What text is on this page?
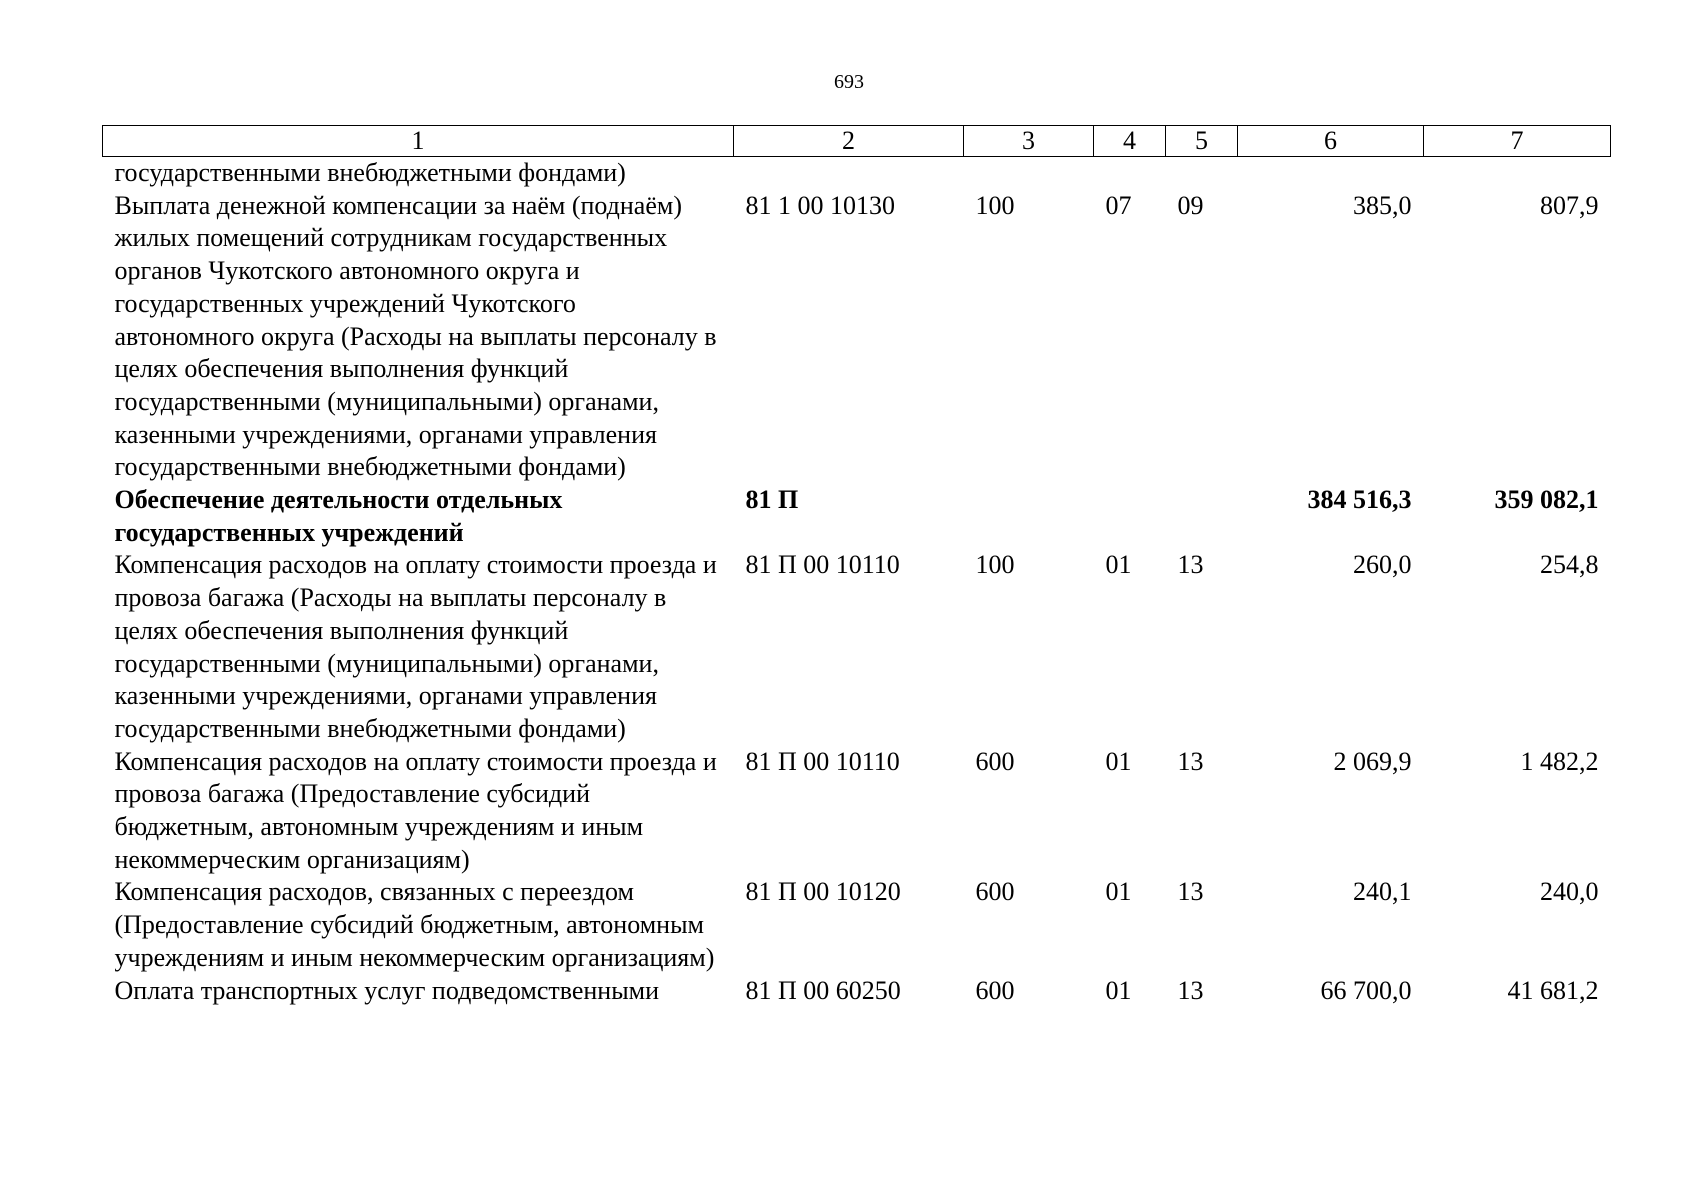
693
1	2	3	4	5	6	7
государственными внебюджетными фондами)						
Выплата денежной компенсации за наём (поднаём) жилых помещений сотрудникам государственных органов Чукотского автономного округа и государственных учреждений Чукотского автономного округа (Расходы на выплаты персоналу в целях обеспечения выполнения функций государственными (муниципальными) органами, казенными учреждениями, органами управления государственными внебюджетными фондами)	81 1 00 10130	100	07	09	385,0	807,9
Обеспечение деятельности отдельных государственных учреждений	81 П				384 516,3	359 082,1
Компенсация расходов на оплату стоимости проезда и провоза багажа (Расходы на выплаты персоналу в целях обеспечения выполнения функций государственными (муниципальными) органами, казенными учреждениями, органами управления государственными внебюджетными фондами)	81 П 00 10110	100	01	13	260,0	254,8
Компенсация расходов на оплату стоимости проезда и провоза багажа (Предоставление субсидий бюджетным, автономным учреждениям и иным некоммерческим организациям)	81 П 00 10110	600	01	13	2 069,9	1 482,2
Компенсация расходов, связанных с переездом (Предоставление субсидий бюджетным, автономным учреждениям и иным некоммерческим организациям)	81 П 00 10120	600	01	13	240,1	240,0
Оплата транспортных услуг подведомственными	81 П 00 60250	600	01	13	66 700,0	41 681,2
